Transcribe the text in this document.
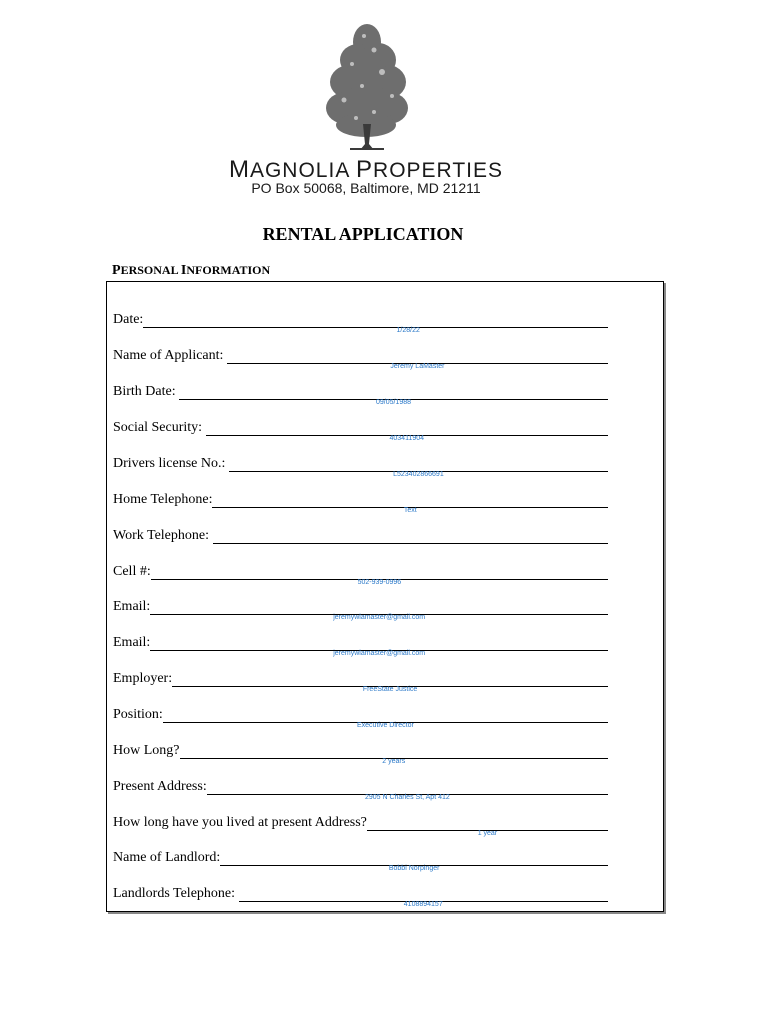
MAGNOLIA PROPERTIES
PO Box 50068, Baltimore, MD 21211
RENTAL APPLICATION
PERSONAL INFORMATION
Date:
1/28/22
Name of Applicant:
Jeremy LaMaster
Birth Date:
09/05/1988
Social Security:
403411904
Drivers license No.:
L523402866691
Home Telephone:
Text
Work Telephone:
Cell #:
502-939-0996
Email:
jeremywlamaster@gmail.com
Email:
jeremywlamaster@gmail.com
Employer:
FreeState Justice
Position:
Executive Director
How Long?
2 years
Present Address:
2905 N Charles St, Apt 412
How long have you lived at present Address?
1 year
Name of Landlord:
Bobbi Norpinger
Landlords Telephone:
4108894157
